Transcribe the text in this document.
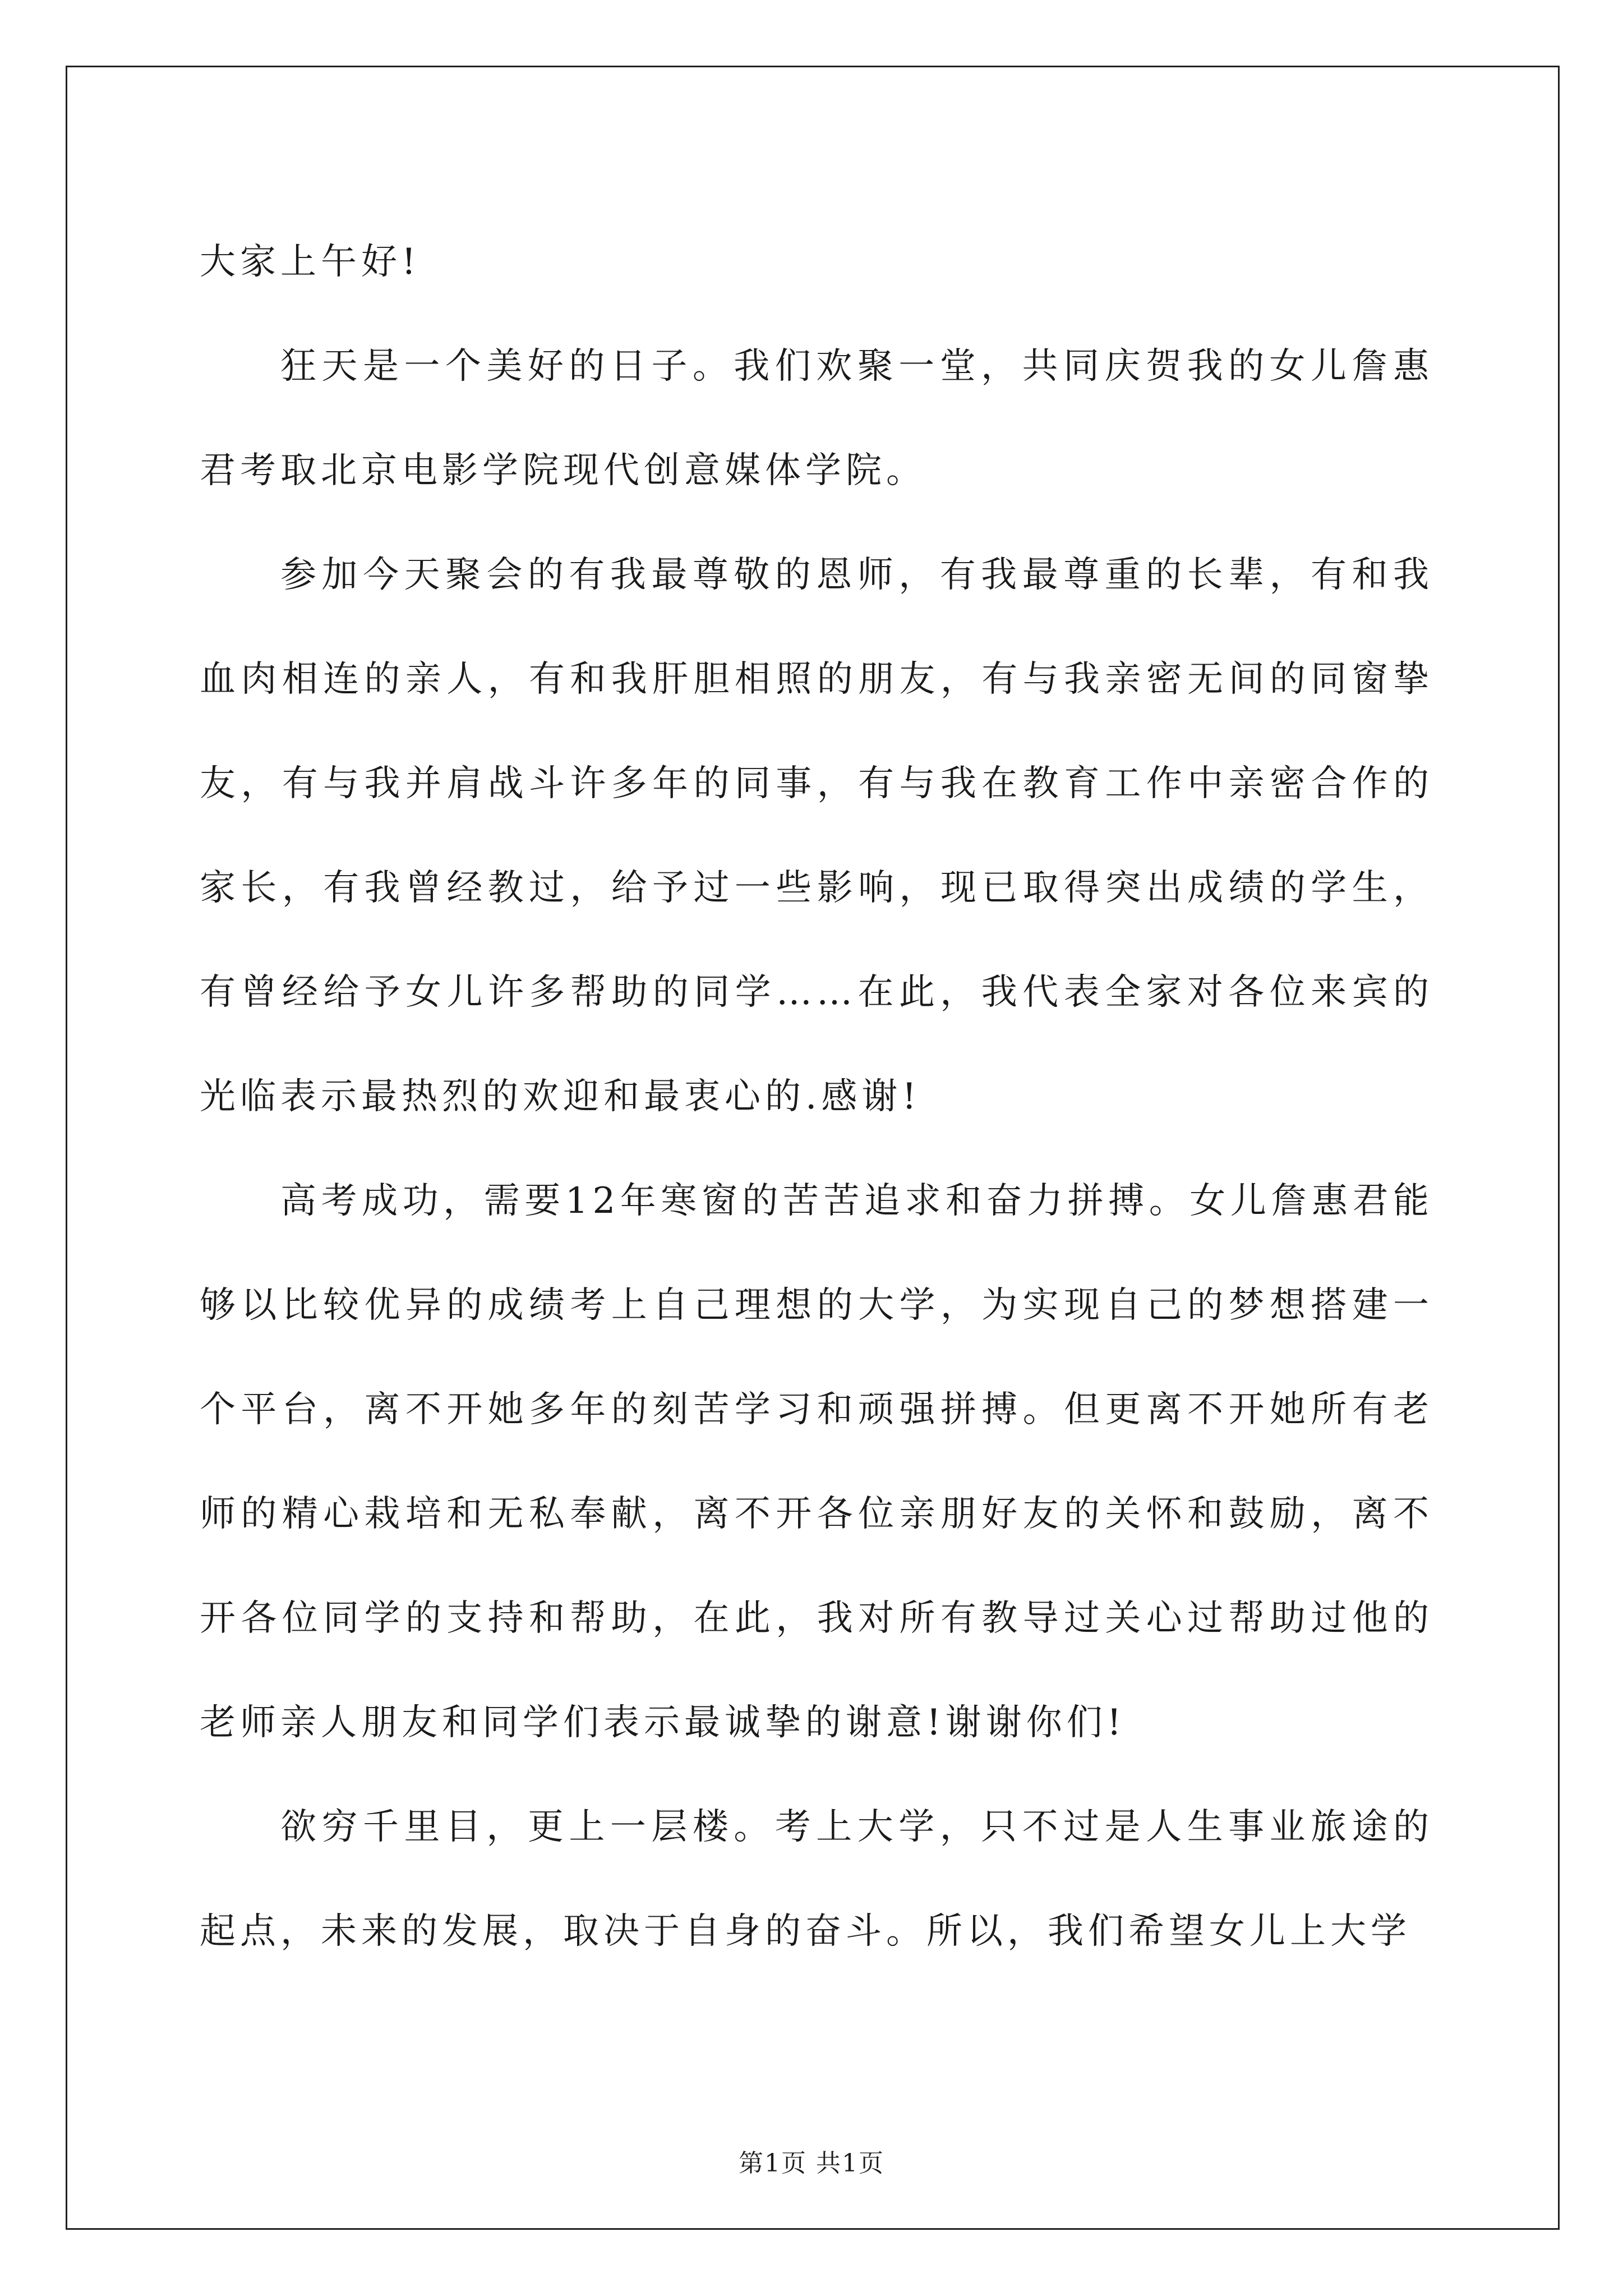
大家上午好!

狂天是一个美好的日子。我们欢聚一堂，共同庆贺我的女儿詹惠君考取北京电影学院现代创意媒体学院。

参加今天聚会的有我最尊敬的恩师，有我最尊重的长辈，有和我血肉相连的亲人，有和我肝胆相照的朋友，有与我亲密无间的同窗挚友，有与我并肩战斗许多年的同事，有与我在教育工作中亲密合作的家长，有我曾经教过，给予过一些影响，现已取得突出成绩的学生，有曾经给予女儿许多帮助的同学……在此，我代表全家对各位来宾的光临表示最热烈的欢迎和最衷心的.感谢!

高考成功，需要12年寒窗的苦苦追求和奋力拼搏。女儿詹惠君能够以比较优异的成绩考上自己理想的大学，为实现自己的梦想搭建一个平台，离不开她多年的刻苦学习和顽强拼搏。但更离不开她所有老师的精心栽培和无私奉献，离不开各位亲朋好友的关怀和鼓励，离不开各位同学的支持和帮助，在此，我对所有教导过关心过帮助过他的老师亲人朋友和同学们表示最诚挚的谢意!谢谢你们!

欲穷千里目，更上一层楼。考上大学，只不过是人生事业旅途的起点，未来的发展，取决于自身的奋斗。所以，我们希望女儿上大学

第1页 共1页
